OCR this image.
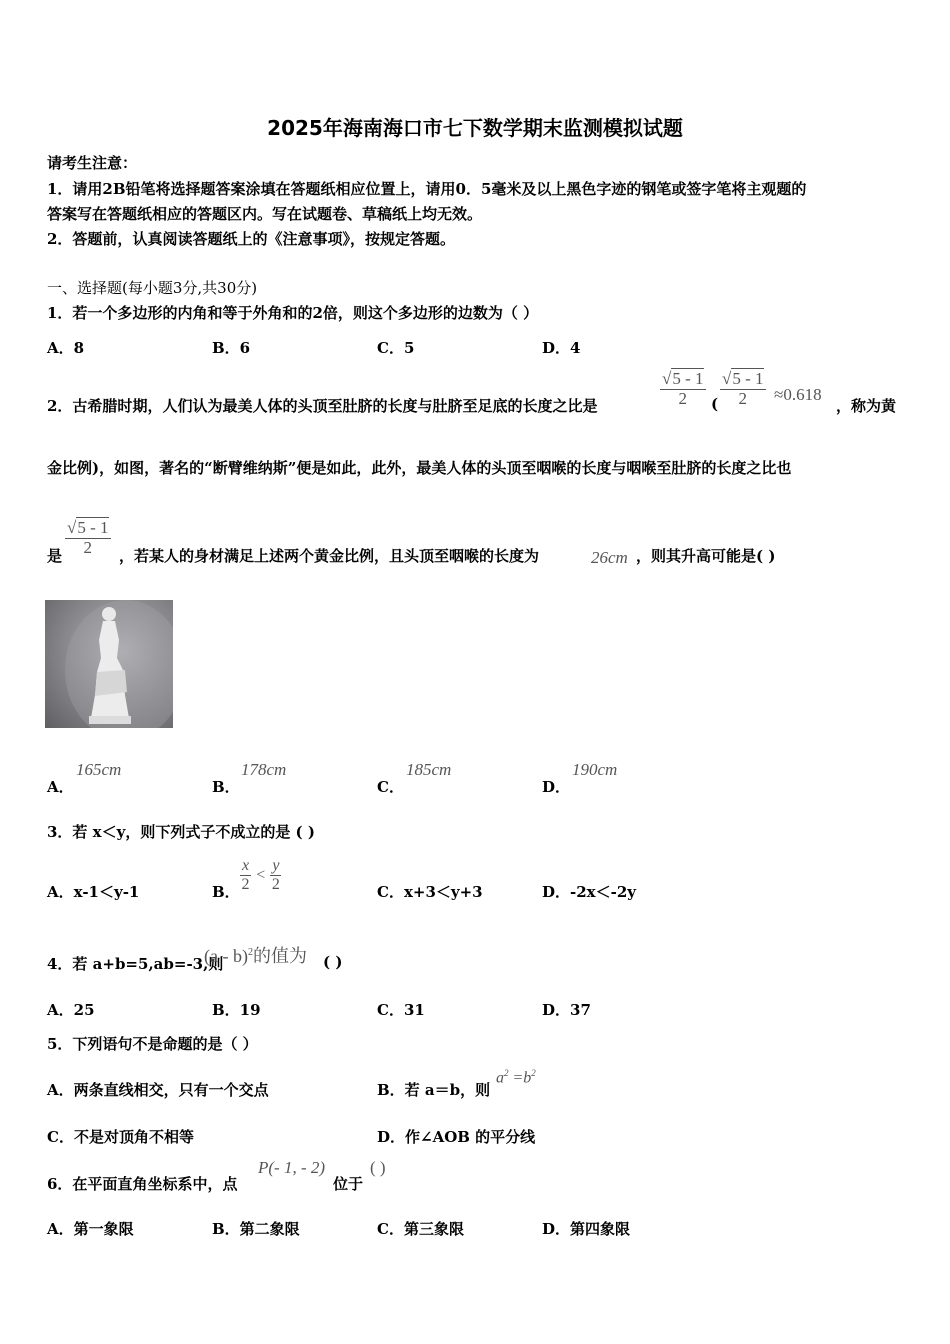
2025年海南海口市七下数学期末监测模拟试题
请考生注意：
1．请用2B铅笔将选择题答案涂填在答题纸相应位置上，请用0．5毫米及以上黑色字迹的钢笔或签字笔将主观题的
答案写在答题纸相应的答题区内。写在试题卷、草稿纸上均无效。
2．答题前，认真阅读答题纸上的《注意事项》，按规定答题。
一、选择题(每小题3分,共30分)
1．若一个多边形的内角和等于外角和的2倍，则这个多边形的边数为（ ）
A．8	B．6	C．5	D．4
2．古希腊时期，人们认为最美人体的头顶至肚脐的长度与肚脐至足底的长度之比是	$\frac{√5 - 1}{2}$ ( $\frac{√5 - 1}{2} \approx 0.618$
，称为黄
金比例)，如图，著名的“断臂维纳斯”便是如此，此外，最美人体的头顶至咽喉的长度与咽喉至肚脐的长度之比也
是 $\frac{√5 - 1}{2}$ ，若某人的身材满足上述两个黄金比例，且头顶至咽喉的长度为	26cm ，则其升高可能是( )
A．
165cm
B．
178cm
C．
185cm
D．
190cm
3．若 x＜y，则下列式子不成立的是 ( )
A．x-1＜y-1	B． $\frac{x}{2} < \frac{y}{2}$	C．x+3＜y+3	D．-2x＜-2y
4．若 a+b=5,ab=-3,则
(a - b)$^2$的值为 ( )
A．25	B．19	C．31	D．37
5．下列语句不是命题的是（ ）
A．两条直线相交，只有一个交点	B．若 a＝b，则
$a^2 =b^2$
C．不是对顶角不相等	D．作∠AOB 的平分线
6．在平面直角坐标系中，点
P(- 1, - 2)
位于
( )
A．第一象限	B．第二象限	C．第三象限	D．第四象限
